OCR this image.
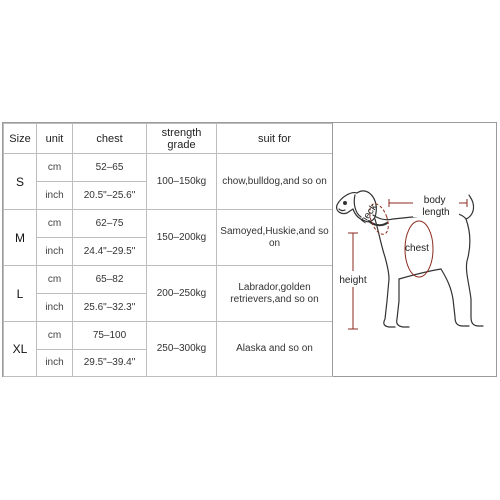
Size	unit	chest	strength grade	suit for
S	cm	52–65	100–150kg	chow,bulldog,and so on
	inch	20.5"–25.6"		
M	cm	62–75	150–200kg	Samoyed,Huskie,and so on
	inch	24.4"–29.5"		
L	cm	65–82	200–250kg	Labrador,golden retrievers,and so on
	inch	25.6"–32.3"		
XL	cm	75–100	250–300kg	Alaska and so on
	inch	29.5"–39.4"		
neck
body length
chest
height
